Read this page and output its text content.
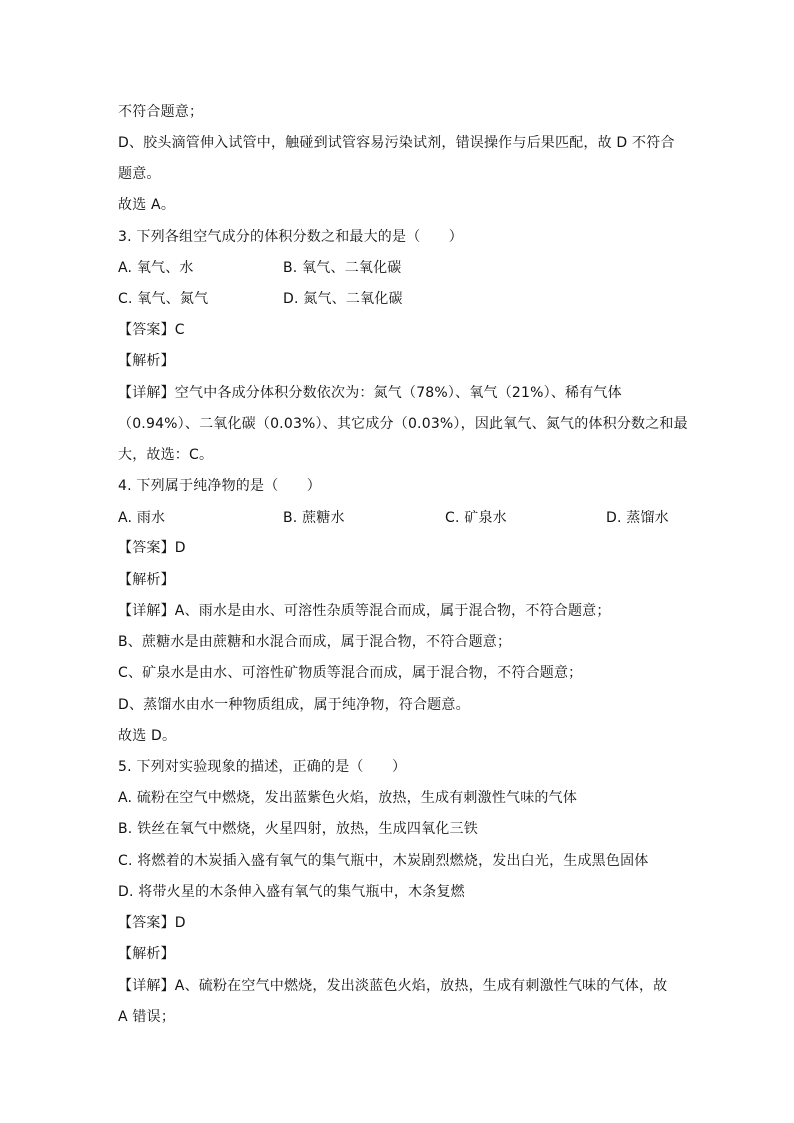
不符合题意；
D、胶头滴管伸入试管中，触碰到试管容易污染试剂，错误操作与后果匹配，故 D 不符合
题意。
故选 A。
3. 下列各组空气成分的体积分数之和最大的是（　　）
A. 氧气、水	B. 氧气、二氧化碳
C. 氧气、氮气	D. 氮气、二氧化碳
【答案】C
【解析】
【详解】空气中各成分体积分数依次为：氮气（78%）、氧气（21%）、稀有气体
（0.94%）、二氧化碳（0.03%）、其它成分（0.03%），因此氧气、氮气的体积分数之和最
大，故选：C。
4. 下列属于纯净物的是（　　）
A. 雨水	B. 蔗糖水	C. 矿泉水	D. 蒸馏水
【答案】D
【解析】
【详解】A、雨水是由水、可溶性杂质等混合而成，属于混合物，不符合题意；
B、蔗糖水是由蔗糖和水混合而成，属于混合物，不符合题意；
C、矿泉水是由水、可溶性矿物质等混合而成，属于混合物，不符合题意；
D、蒸馏水由水一种物质组成，属于纯净物，符合题意。
故选 D。
5. 下列对实验现象的描述，正确的是（　　）
A. 硫粉在空气中燃烧，发出蓝紫色火焰，放热，生成有刺激性气味的气体
B. 铁丝在氧气中燃烧，火星四射，放热，生成四氧化三铁
C. 将燃着的木炭插入盛有氧气的集气瓶中，木炭剧烈燃烧，发出白光，生成黑色固体
D. 将带火星的木条伸入盛有氧气的集气瓶中，木条复燃
【答案】D
【解析】
【详解】A、硫粉在空气中燃烧，发出淡蓝色火焰，放热，生成有刺激性气味的气体，故
A 错误；
